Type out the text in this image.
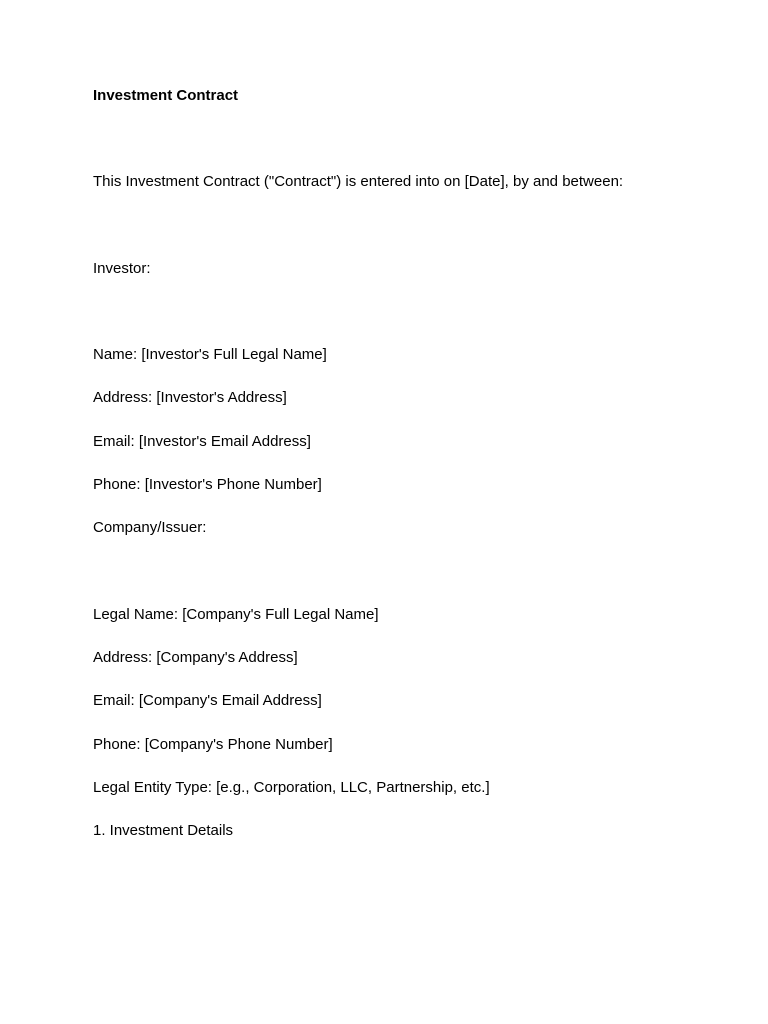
Investment Contract
This Investment Contract ("Contract") is entered into on [Date], by and between:
Investor:
Name: [Investor's Full Legal Name]
Address: [Investor's Address]
Email: [Investor's Email Address]
Phone: [Investor's Phone Number]
Company/Issuer:
Legal Name: [Company's Full Legal Name]
Address: [Company's Address]
Email: [Company's Email Address]
Phone: [Company's Phone Number]
Legal Entity Type: [e.g., Corporation, LLC, Partnership, etc.]
1. Investment Details
